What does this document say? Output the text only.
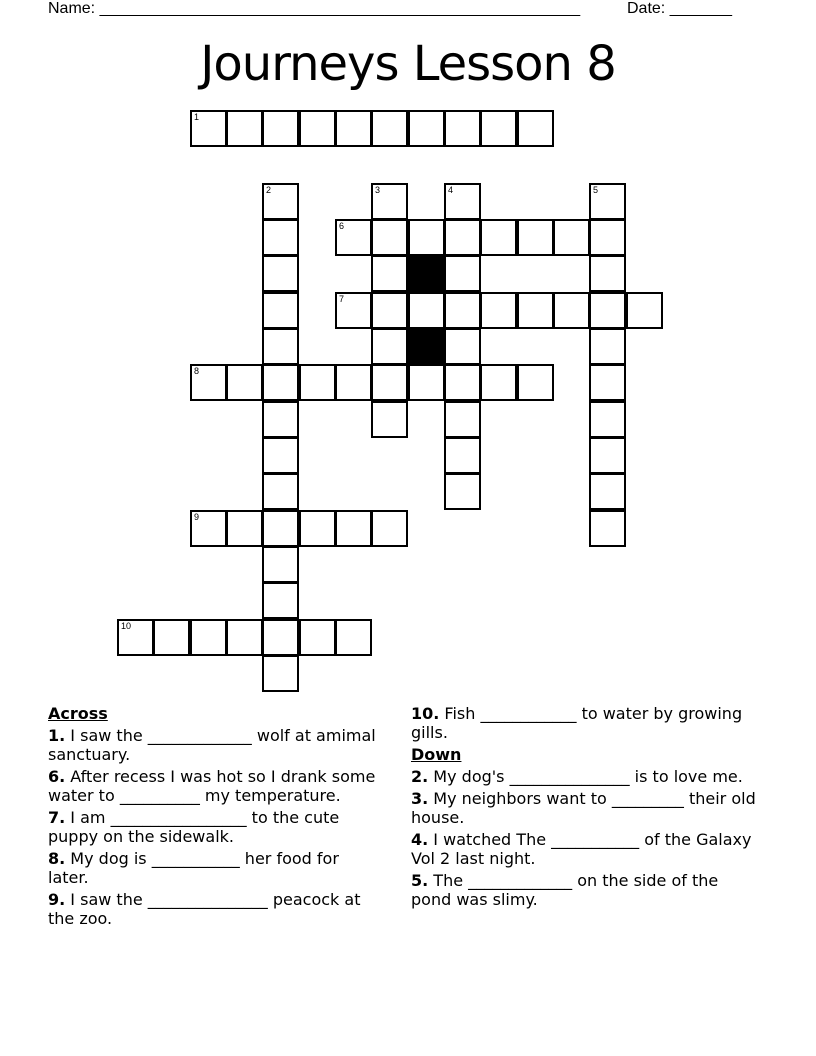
Name: ______________________________________________________	Date: _______
Journeys Lesson 8
1
2	3	4	5
6
7
8
9
10
Across
1. I saw the _____________ wolf at amimal sanctuary.
6. After recess I was hot so I drank some water to __________ my temperature.
7. I am _________________ to the cute puppy on the sidewalk.
8. My dog is ___________ her food for later.
9. I saw the _______________ peacock at the zoo.
10. Fish ____________ to water by growing gills.
Down
2. My dog's _______________ is to love me.
3. My neighbors want to _________ their old house.
4. I watched The ___________ of the Galaxy Vol 2 last night.
5. The _____________ on the side of the pond was slimy.
